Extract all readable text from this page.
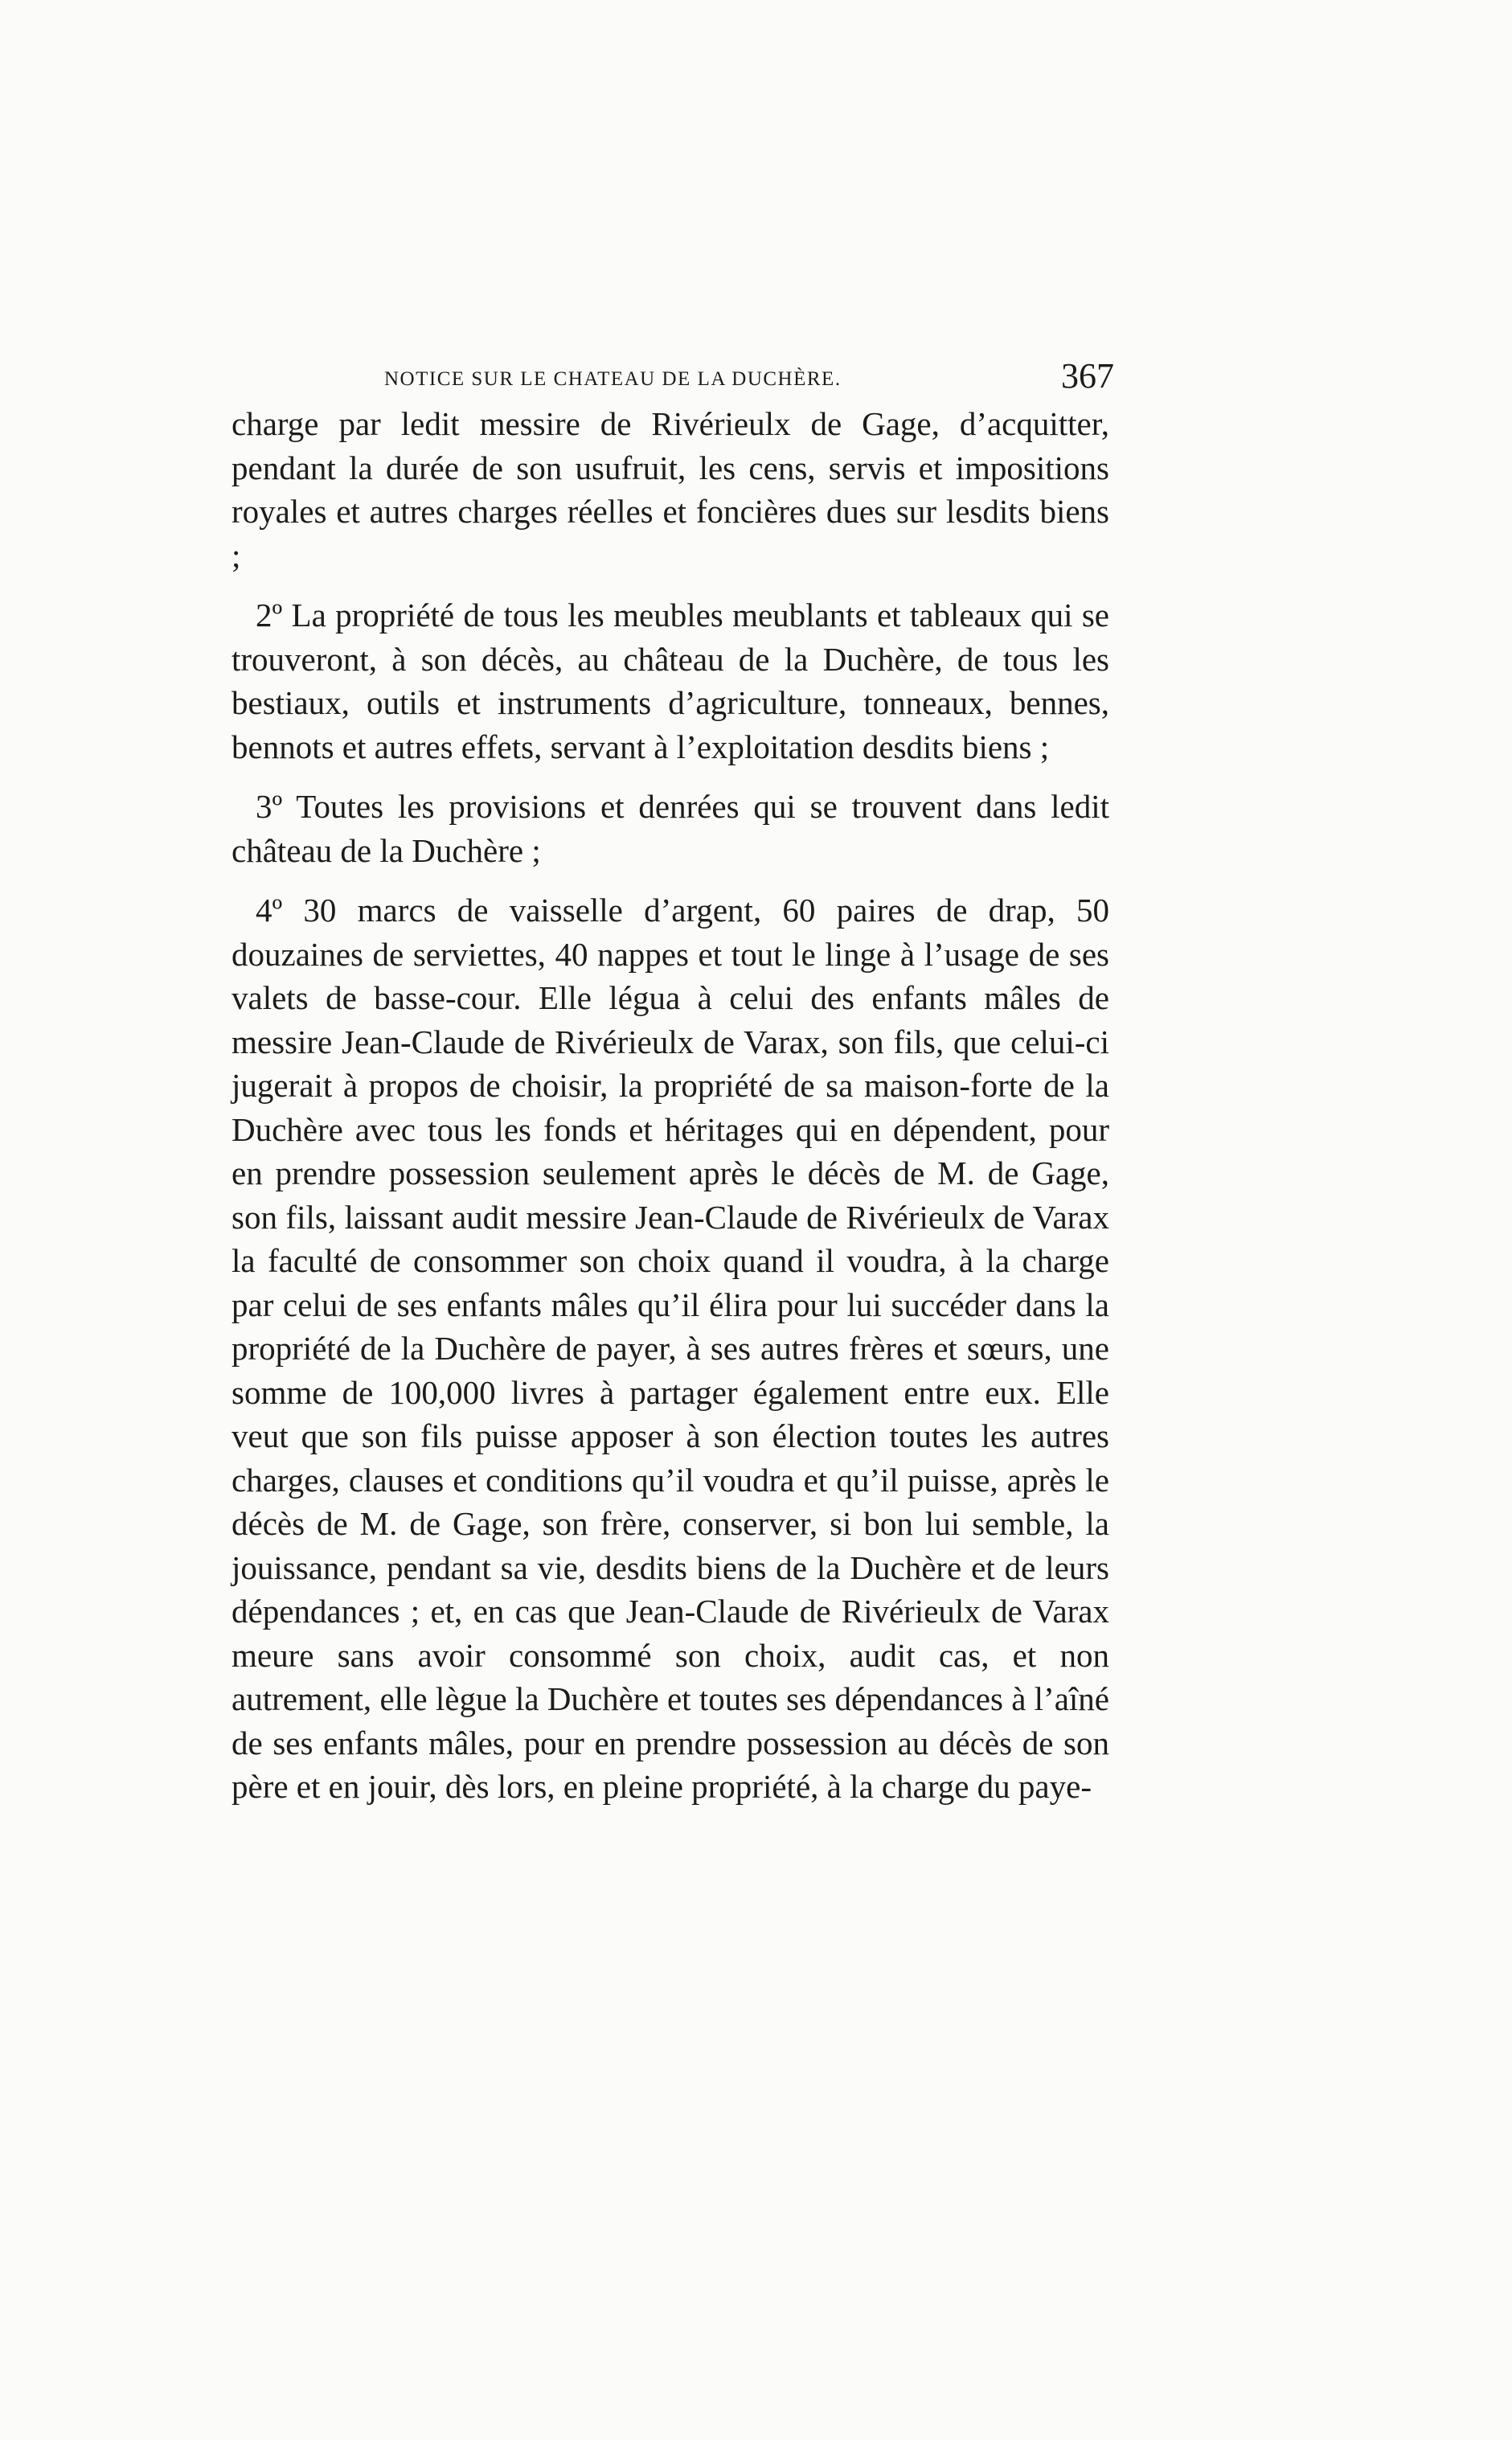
NOTICE SUR LE CHATEAU DE LA DUCHÈRE.	367

charge par ledit messire de Rivérieulx de Gage, d’acquitter, pendant la durée de son usufruit, les cens, servis et impositions royales et autres charges réelles et foncières dues sur lesdits biens ;

2º La propriété de tous les meubles meublants et tableaux qui se trouveront, à son décès, au château de la Duchère, de tous les bestiaux, outils et instruments d’agriculture, tonneaux, bennes, bennots et autres effets, servant à l’exploitation desdits biens ;

3º Toutes les provisions et denrées qui se trouvent dans ledit château de la Duchère ;

4º 30 marcs de vaisselle d’argent, 60 paires de drap, 50 douzaines de serviettes, 40 nappes et tout le linge à l’usage de ses valets de basse-cour. Elle légua à celui des enfants mâles de messire Jean-Claude de Rivérieulx de Varax, son fils, que celui-ci jugerait à propos de choisir, la propriété de sa maison-forte de la Duchère avec tous les fonds et héritages qui en dépendent, pour en prendre possession seulement après le décès de M. de Gage, son fils, laissant audit messire Jean-Claude de Rivérieulx de Varax la faculté de consommer son choix quand il voudra, à la charge par celui de ses enfants mâles qu’il élira pour lui succéder dans la propriété de la Duchère de payer, à ses autres frères et sœurs, une somme de 100,000 livres à partager également entre eux. Elle veut que son fils puisse apposer à son élection toutes les autres charges, clauses et conditions qu’il voudra et qu’il puisse, après le décès de M. de Gage, son frère, conserver, si bon lui semble, la jouissance, pendant sa vie, desdits biens de la Duchère et de leurs dépendances ; et, en cas que Jean-Claude de Rivérieulx de Varax meure sans avoir consommé son choix, audit cas, et non autrement, elle lègue la Duchère et toutes ses dépendances à l’aîné de ses enfants mâles, pour en prendre possession au décès de son père et en jouir, dès lors, en pleine propriété, à la charge du paye-
